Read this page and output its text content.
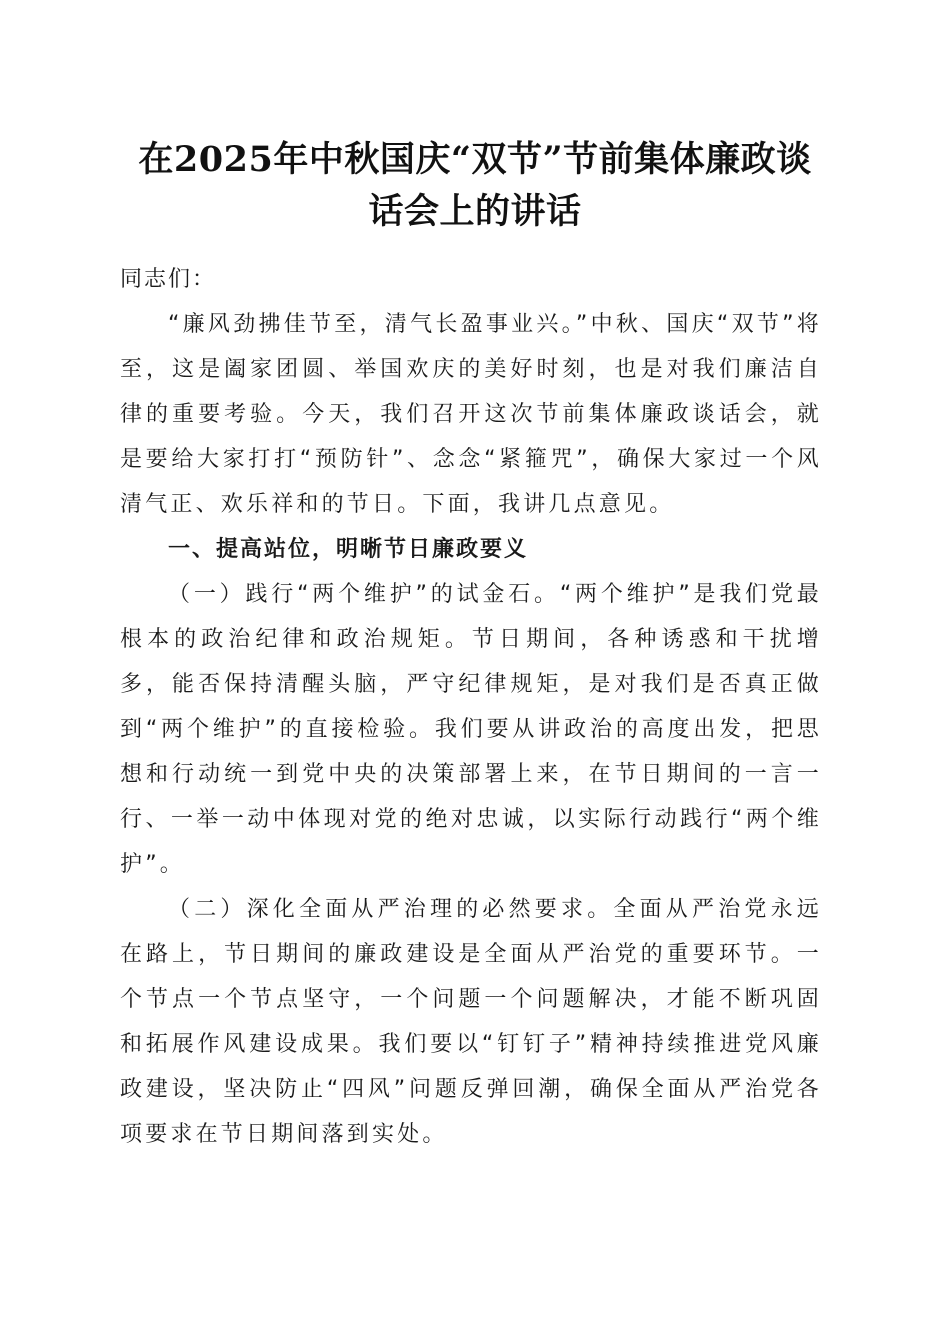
在2025年中秋国庆“双节”节前集体廉政谈
话会上的讲话

同志们：

“廉风劲拂佳节至，清气长盈事业兴。”中秋、国庆“双节”将至，这是阖家团圆、举国欢庆的美好时刻，也是对我们廉洁自律的重要考验。今天，我们召开这次节前集体廉政谈话会，就是要给大家打打“预防针”、念念“紧箍咒”，确保大家过一个风清气正、欢乐祥和的节日。下面，我讲几点意见。

一、提高站位，明晰节日廉政要义

（一）践行“两个维护”的试金石。“两个维护”是我们党最根本的政治纪律和政治规矩。节日期间，各种诱惑和干扰增多，能否保持清醒头脑，严守纪律规矩，是对我们是否真正做到“两个维护”的直接检验。我们要从讲政治的高度出发，把思想和行动统一到党中央的决策部署上来，在节日期间的一言一行、一举一动中体现对党的绝对忠诚，以实际行动践行“两个维护”。

（二）深化全面从严治理的必然要求。全面从严治党永远在路上，节日期间的廉政建设是全面从严治党的重要环节。一个节点一个节点坚守，一个问题一个问题解决，才能不断巩固和拓展作风建设成果。我们要以“钉钉子”精神持续推进党风廉政建设，坚决防止“四风”问题反弹回潮，确保全面从严治党各项要求在节日期间落到实处。
